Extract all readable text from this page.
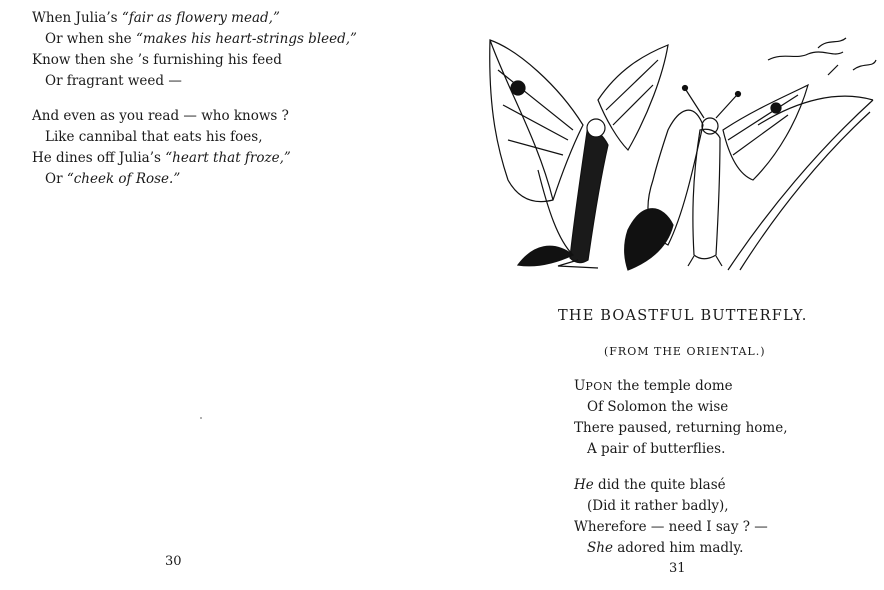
When Julia’s “fair as flowery mead,”
Or when she “makes his heart-strings bleed,”
Know then she ’s furnishing his feed
Or fragrant weed —
And even as you read — who knows ?
Like cannibal that eats his foes,
He dines off Julia’s “heart that froze,”
Or “cheek of Rose.”
30
THE BOASTFUL BUTTERFLY.
(FROM THE ORIENTAL.)
UPON the temple dome
Of Solomon the wise
There paused, returning home,
A pair of butterflies.
He did the quite blasé
(Did it rather badly),
Wherefore — need I say ? —
She adored him madly.
31
